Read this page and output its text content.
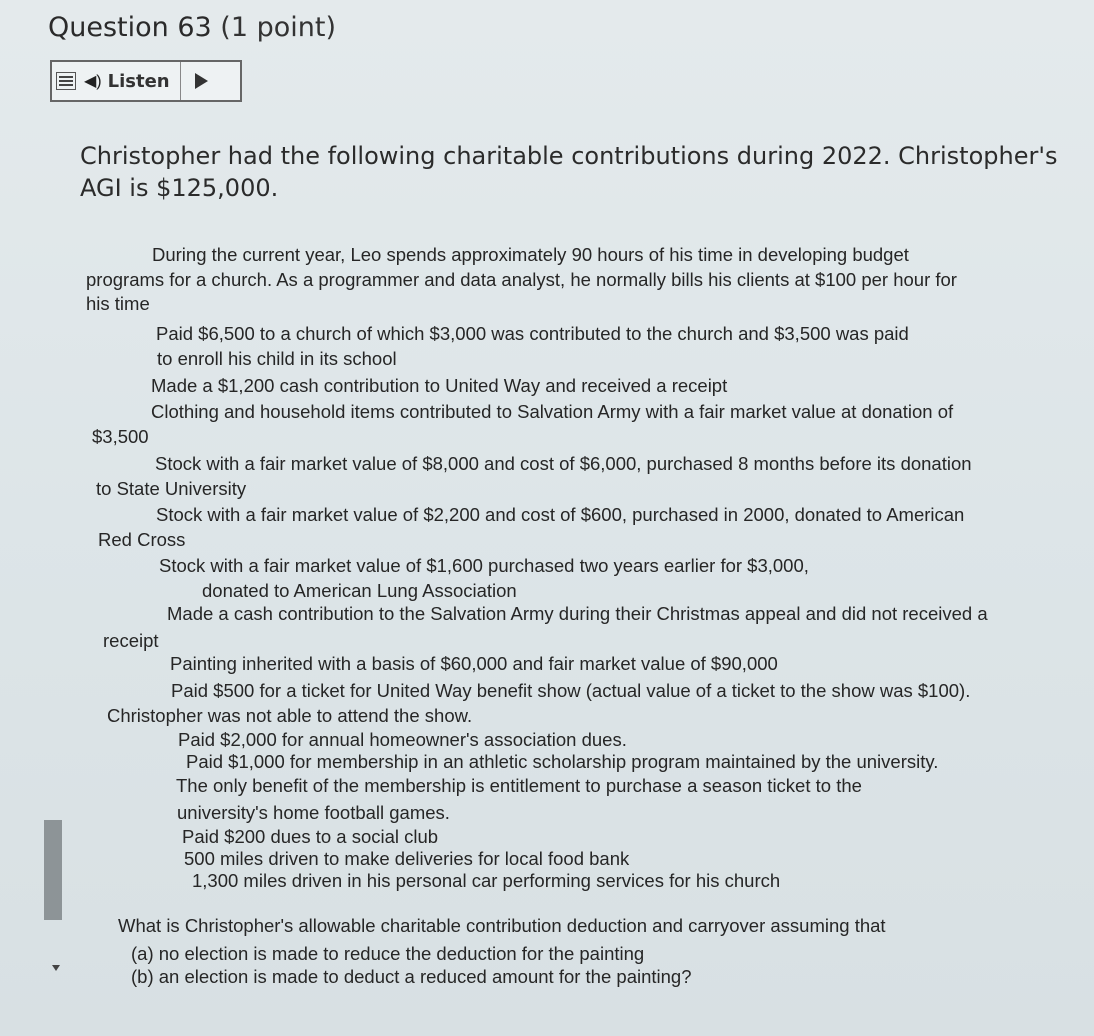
Question 63 (1 point)
◀) Listen
Christopher had the following charitable contributions during 2022. Christopher's AGI is $125,000.
During the current year, Leo spends approximately 90 hours of his time in developing budget
programs for a church. As a programmer and data analyst, he normally bills his clients at $100 per hour for
his time
Paid $6,500 to a church of which $3,000 was contributed to the church and $3,500 was paid
to enroll his child in its school
Made a $1,200 cash contribution to United Way and received a receipt
Clothing and household items contributed to Salvation Army with a fair market value at donation of
$3,500
Stock with a fair market value of $8,000 and cost of $6,000, purchased 8 months before its donation
to State University
Stock with a fair market value of $2,200 and cost of $600, purchased in 2000, donated to American
Red Cross
Stock with a fair market value of $1,600 purchased two years earlier for $3,000,
donated to American Lung Association
Made a cash contribution to the Salvation Army during their Christmas appeal and did not received a
receipt
Painting inherited with a basis of $60,000 and fair market value of $90,000
Paid $500 for a ticket for United Way benefit show (actual value of a ticket to the show was $100).
Christopher was not able to attend the show.
Paid $2,000 for annual homeowner's association dues.
Paid $1,000 for membership in an athletic scholarship program maintained by the university.
The only benefit of the membership is entitlement to purchase a season ticket to the
university's home football games.
Paid $200 dues to a social club
500 miles driven to make deliveries for local food bank
1,300 miles driven in his personal car performing services for his church
What is Christopher's allowable charitable contribution deduction and carryover assuming that
(a) no election is made to reduce the deduction for the painting
(b) an election is made to deduct a reduced amount for the painting?
